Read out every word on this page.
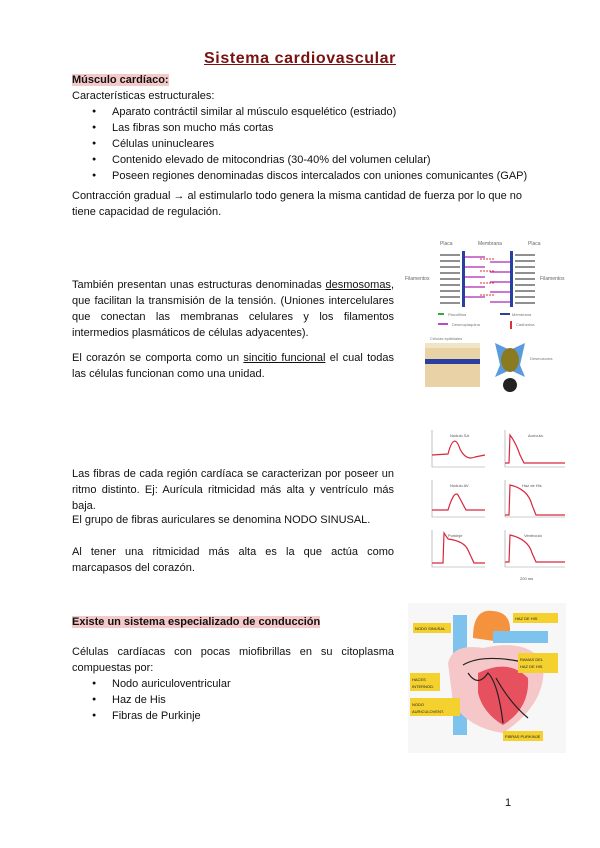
Sistema cardiovascular
Músculo cardíaco:
Características estructurales:
● Aparato contráctil similar al músculo esquelético (estriado)
● Las fibras son mucho más cortas
● Células uninucleares
● Contenido elevado de mitocondrias (30-40% del volumen celular)
● Poseen regiones denominadas discos intercalados con uniones comunicantes (GAP)
Contracción gradual → al estimularlo todo genera la misma cantidad de fuerza por lo que no
tiene capacidad de regulación.
También presentan unas estructuras denominadas desmosomas, que facilitan la transmisión de la tensión. (Uniones intercelulares que conectan las membranas celulares y los filamentos intermedios plasmáticos de células adyacentes).
El corazón se comporta como un sincitio funcional el cual todas las células funcionan como una unidad.
Placa	Membrana	Placa
Filamentos	Filamentos
Placofilina
Desmoplaquina
Membrana
Cadherina
Células epiteliales
Desmosoma
Las fibras de cada región cardíaca se caracterizan por poseer un ritmo distinto. Ej: Aurícula ritmicidad más alta y ventrículo más baja.
El grupo de fibras auriculares se denomina NODO SINUSAL.
Al tener una ritmicidad más alta es la que actúa como marcapasos del corazón.
Nódulo SA	Aurícula
Nódulo AV	Haz de His
Purkinje	Ventrículo
200 ms
Existe un sistema especializado de conducción
Células cardíacas con pocas miofibrillas en su citoplasma compuestas por:
● Nodo auriculoventricular
● Haz de His
● Fibras de Purkinje
NODO SINUSAL
HAZ DE HIS
RAMAS DEL
HAZ DE HIS
HACES
INTERNOD.
NODO
AURICULOVENT.
FIBRAS PURKINJE
1
